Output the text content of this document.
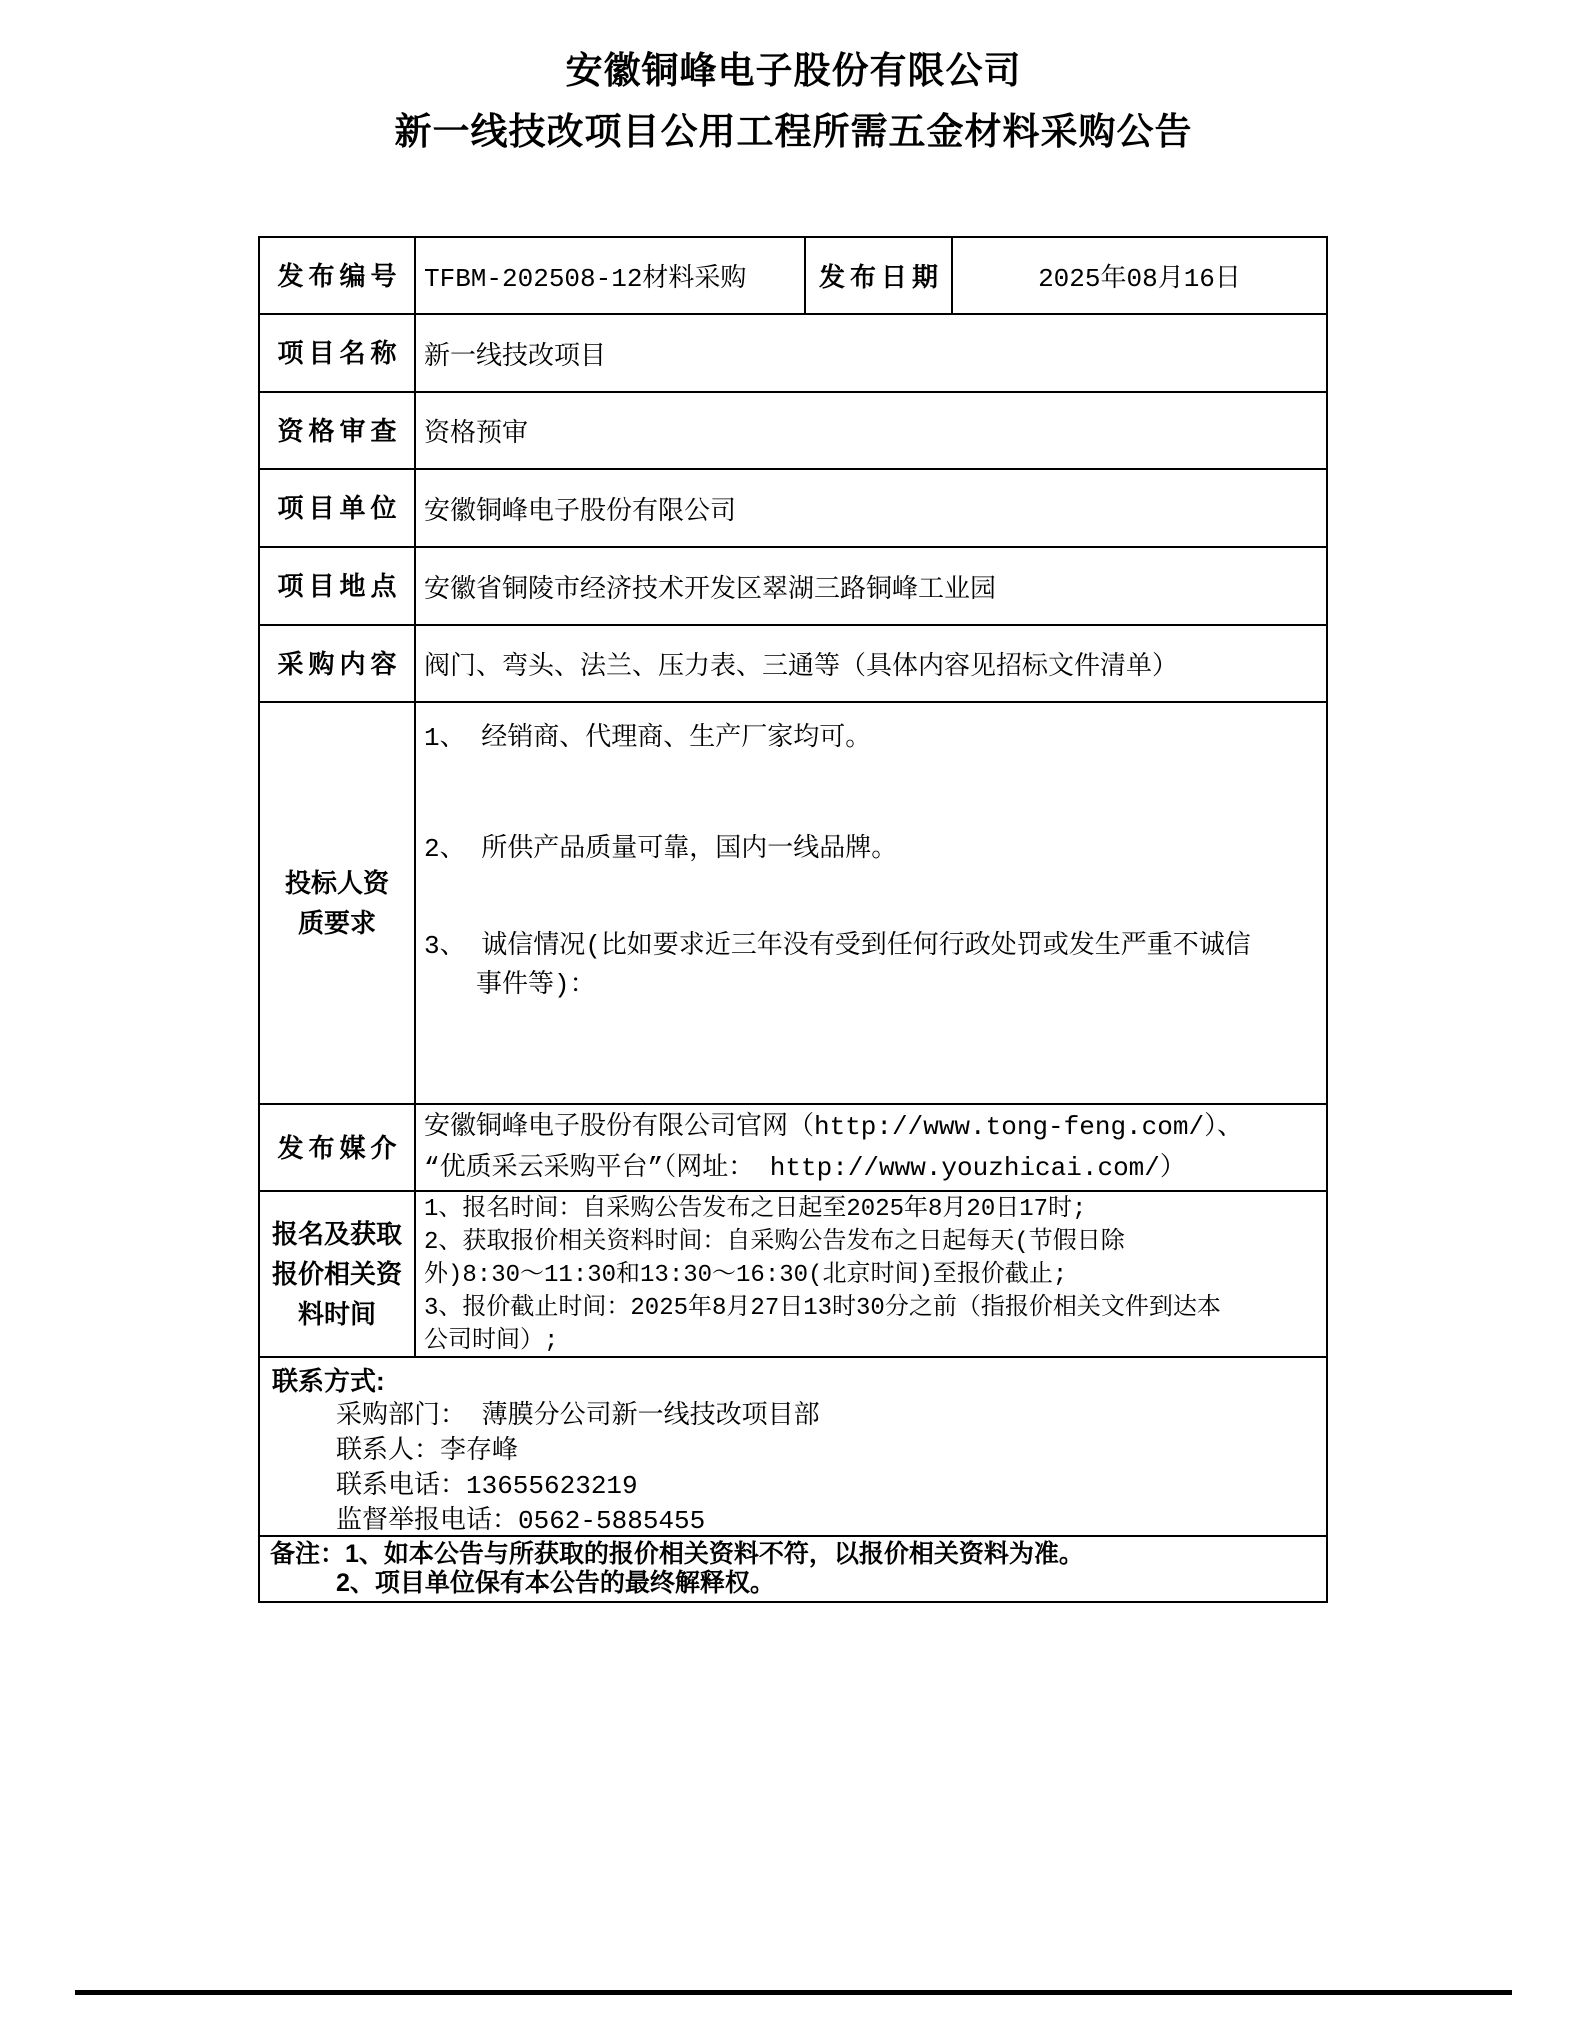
安徽铜峰电子股份有限公司
新一线技改项目公用工程所需五金材料采购公告
发布编号 TFBM-202508-12材料采购	发布日期	2025年08月16日
项目名称 新一线技改项目
资格审查 资格预审
项目单位 安徽铜峰电子股份有限公司
项目地点 安徽省铜陵市经济技术开发区翠湖三路铜峰工业园
采购内容 阀门、弯头、法兰、压力表、三通等（具体内容见招标文件清单）
投标人资
质要求
1、 经销商、代理商、生产厂家均可。
2、 所供产品质量可靠，国内一线品牌。
3、 诚信情况(比如要求近三年没有受到任何行政处罚或发生严重不诚信
事件等)：
发布媒介
安徽铜峰电子股份有限公司官网（http://www.tong-feng.com/）、
“优质采云采购平台”（网址： http://www.youzhicai.com/）
报名及获取
报价相关资
料时间
1、报名时间：自采购公告发布之日起至2025年8月20日17时;
2、获取报价相关资料时间：自采购公告发布之日起每天(节假日除
外)8:30～11:30和13:30～16:30(北京时间)至报价截止;
3、报价截止时间：2025年8月27日13时30分之前（指报价相关文件到达本
公司时间）;
联系方式:
采购部门： 薄膜分公司新一线技改项目部
联系人：李存峰
联系电话：13655623219
监督举报电话：0562-5885455
备注：1、如本公告与所获取的报价相关资料不符，以报价相关资料为准。
2、项目单位保有本公告的最终解释权。
